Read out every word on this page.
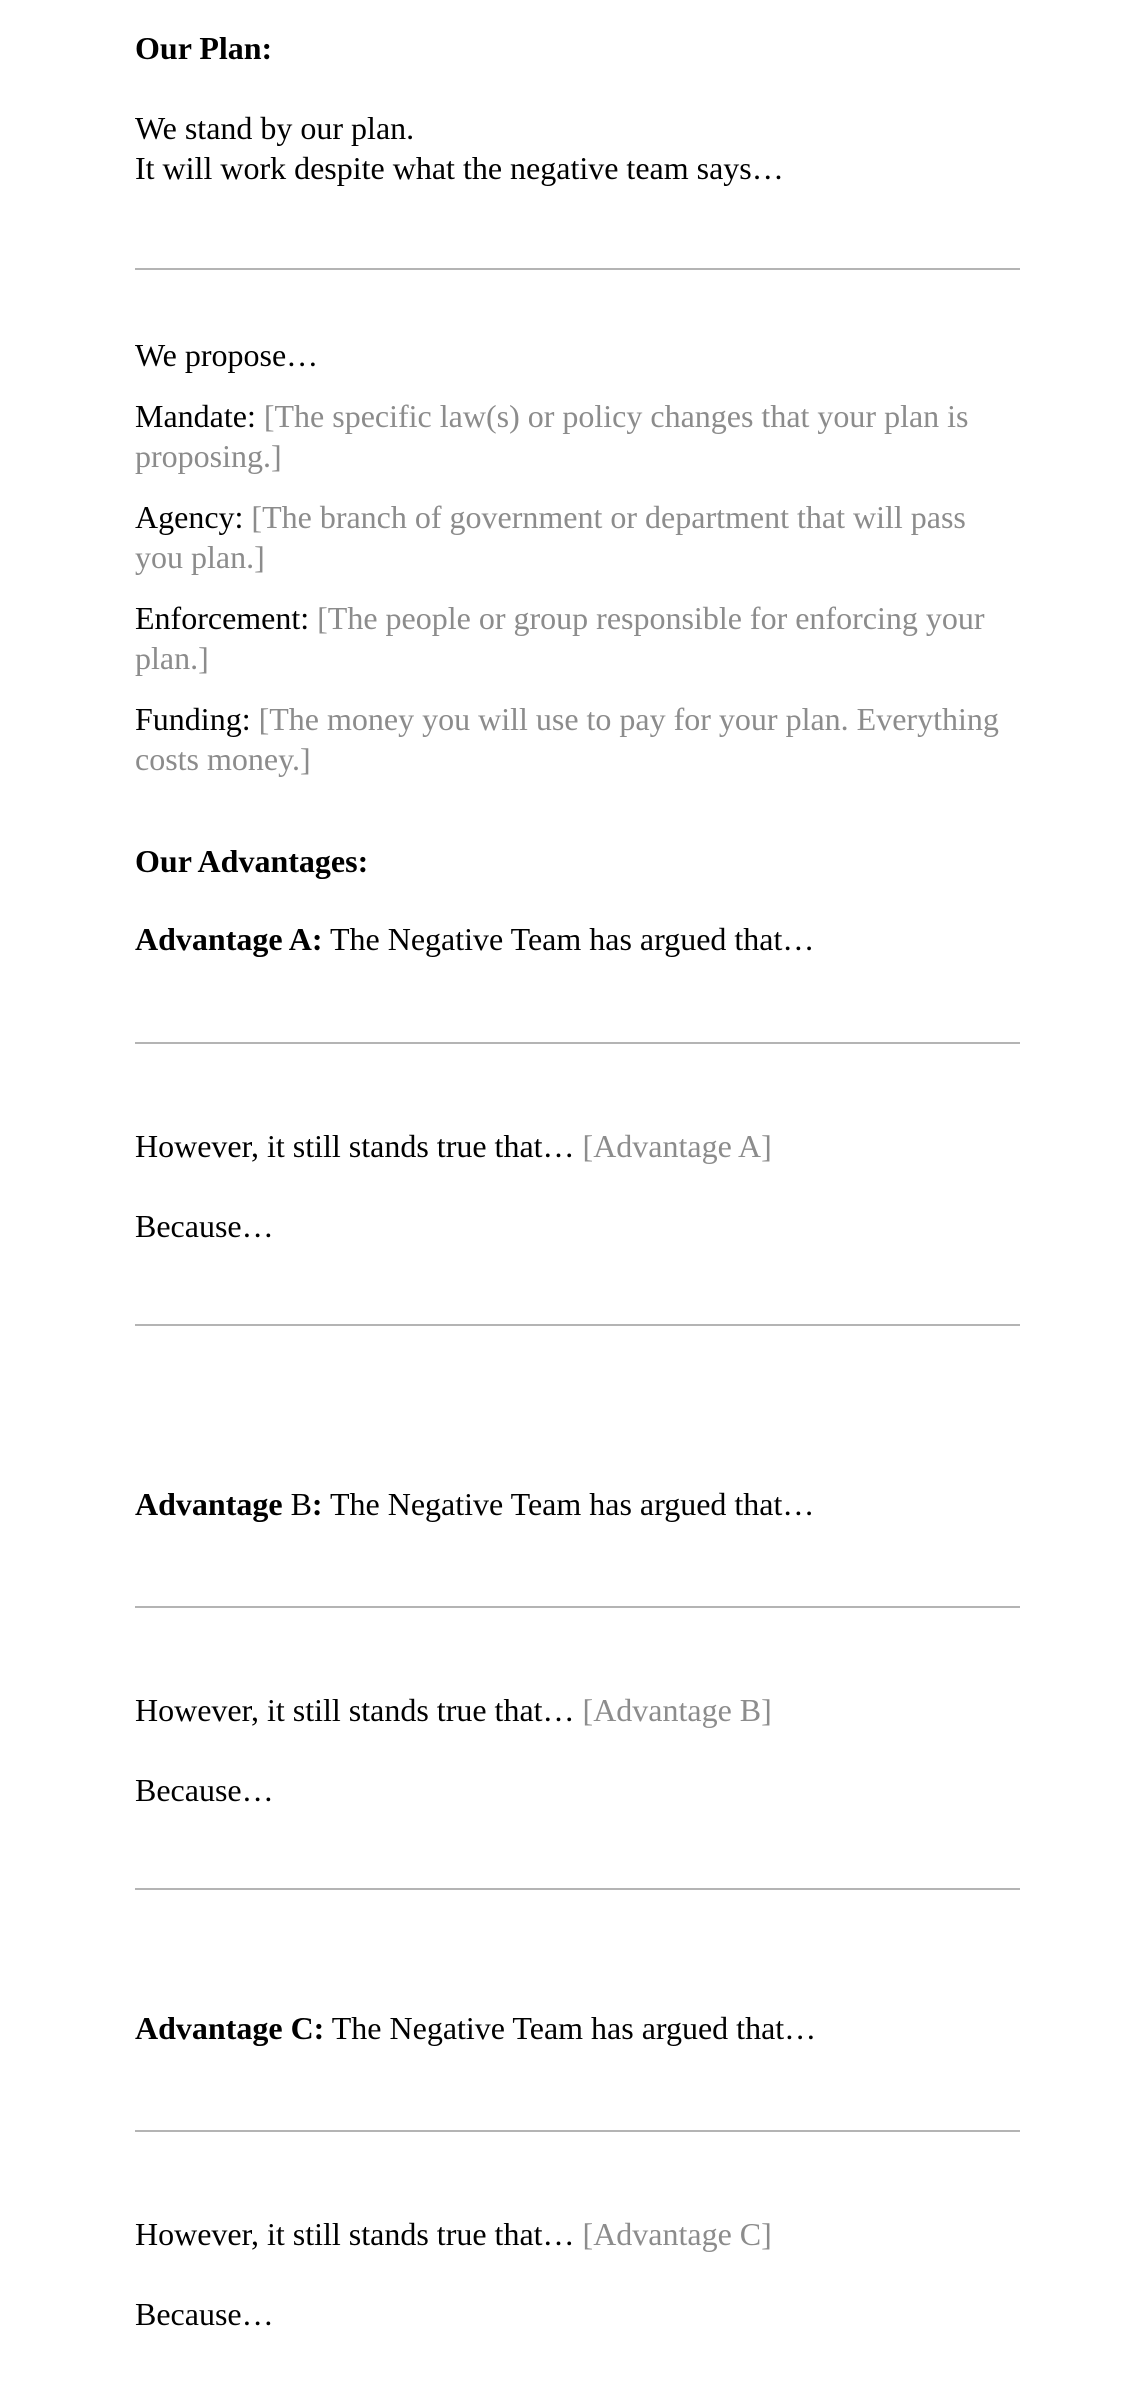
Our Plan:

We stand by our plan.

It will work despite what the negative team says…

We propose…

Mandate: [The specific law(s) or policy changes that your plan is proposing.]

Agency: [The branch of government or department that will pass you plan.]

Enforcement: [The people or group responsible for enforcing your plan.]

Funding: [The money you will use to pay for your plan. Everything costs money.]

Our Advantages:

Advantage A: The Negative Team has argued that…

However, it still stands true that… [Advantage A]

Because…

Advantage B: The Negative Team has argued that…

However, it still stands true that… [Advantage B]

Because…

Advantage C: The Negative Team has argued that…

However, it still stands true that… [Advantage C]

Because…
